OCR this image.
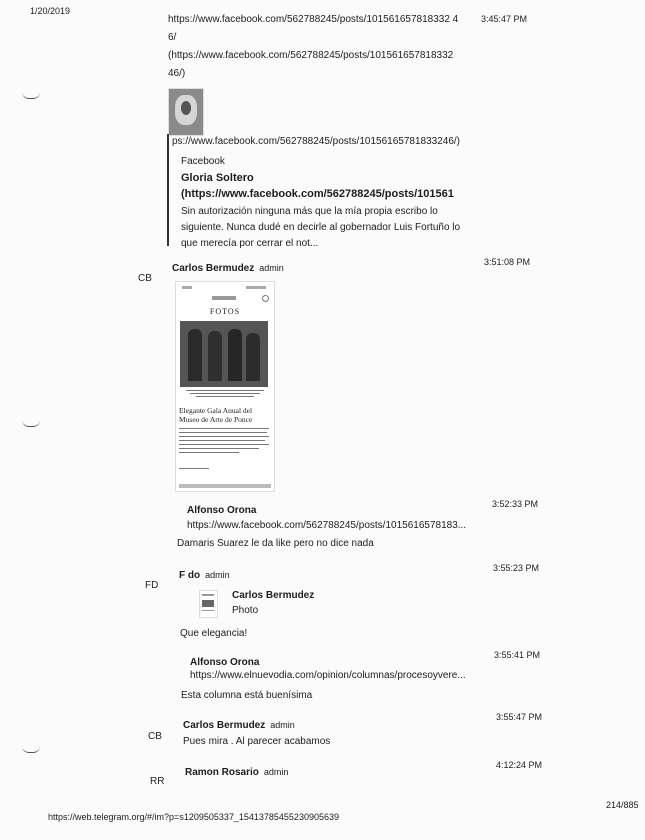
1/20/2019
https://www.facebook.com/562788245/posts/101561657818332 4	3:45:47 PM
6/
(https://www.facebook.com/562788245/posts/101561657818332
46/)
ps://www.facebook.com/562788245/posts/10156165781833246/)
Facebook
Gloria Soltero
(https://www.facebook.com/562788245/posts/101561
Sin autorización ninguna más que la mía propia escribo lo
siguiente. Nunca dudé en decirle al gobernador Luis Fortuño lo
que merecía por cerrar el not...
CB
Carlos Bermudez admin
3:51:08 PM
FOTOS
Elegante Gala Anual del
Museo de Arte de Ponce
Alfonso Orona
3:52:33 PM
https://www.facebook.com/562788245/posts/1015616578183...
Damaris Suarez le da like pero no dice nada
FD
F do admin
3:55:23 PM
Carlos Bermudez
Photo
Que elegancia!
Alfonso Orona
3:55:41 PM
https://www.elnuevodia.com/opinion/columnas/procesoyvere...
Esta columna está buenísima
CB
Carlos Bermudez admin
3:55:47 PM
Pues mira . Al parecer acabamos
RR
Ramon Rosario admin
4:12:24 PM
https://web.telegram.org/#/im?p=s1209505337_15413785455230905639
214/885
